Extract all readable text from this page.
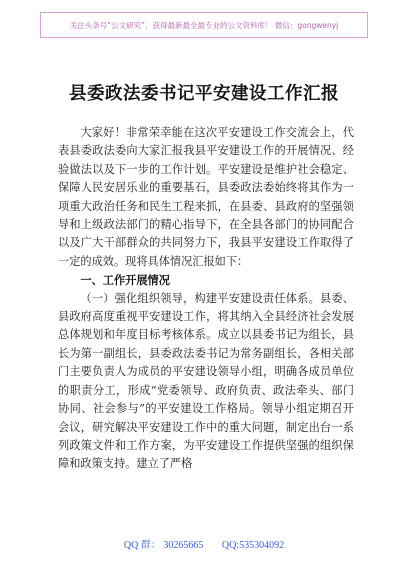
关注头条号“公文研究”，获得最新最全最专业的公文资料库！ 微信：gongwenyj
县委政法委书记平安建设工作汇报

大家好！非常荣幸能在这次平安建设工作交流会上，代表县委政法委向大家汇报我县平安建设工作的开展情况、经验做法以及下一步的工作计划。平安建设是维护社会稳定、保障人民安居乐业的重要基石，县委政法委始终将其作为一项重大政治任务和民生工程来抓，在县委、县政府的坚强领导和上级政法部门的精心指导下，在全县各部门的协同配合以及广大干部群众的共同努力下，我县平安建设工作取得了一定的成效。现将具体情况汇报如下：

一、工作开展情况

（一）强化组织领导，构建平安建设责任体系。县委、县政府高度重视平安建设工作，将其纳入全县经济社会发展总体规划和年度目标考核体系。成立以县委书记为组长，县长为第一副组长，县委政法委书记为常务副组长，各相关部门主要负责人为成员的平安建设领导小组，明确各成员单位的职责分工，形成“党委领导、政府负责、政法牵头、部门协同、社会参与”的平安建设工作格局。领导小组定期召开会议，研究解决平安建设工作中的重大问题，制定出台一系列政策文件和工作方案，为平安建设工作提供坚强的组织保障和政策支持。建立了严格

QQ 群： 30265665 QQ:535304092
